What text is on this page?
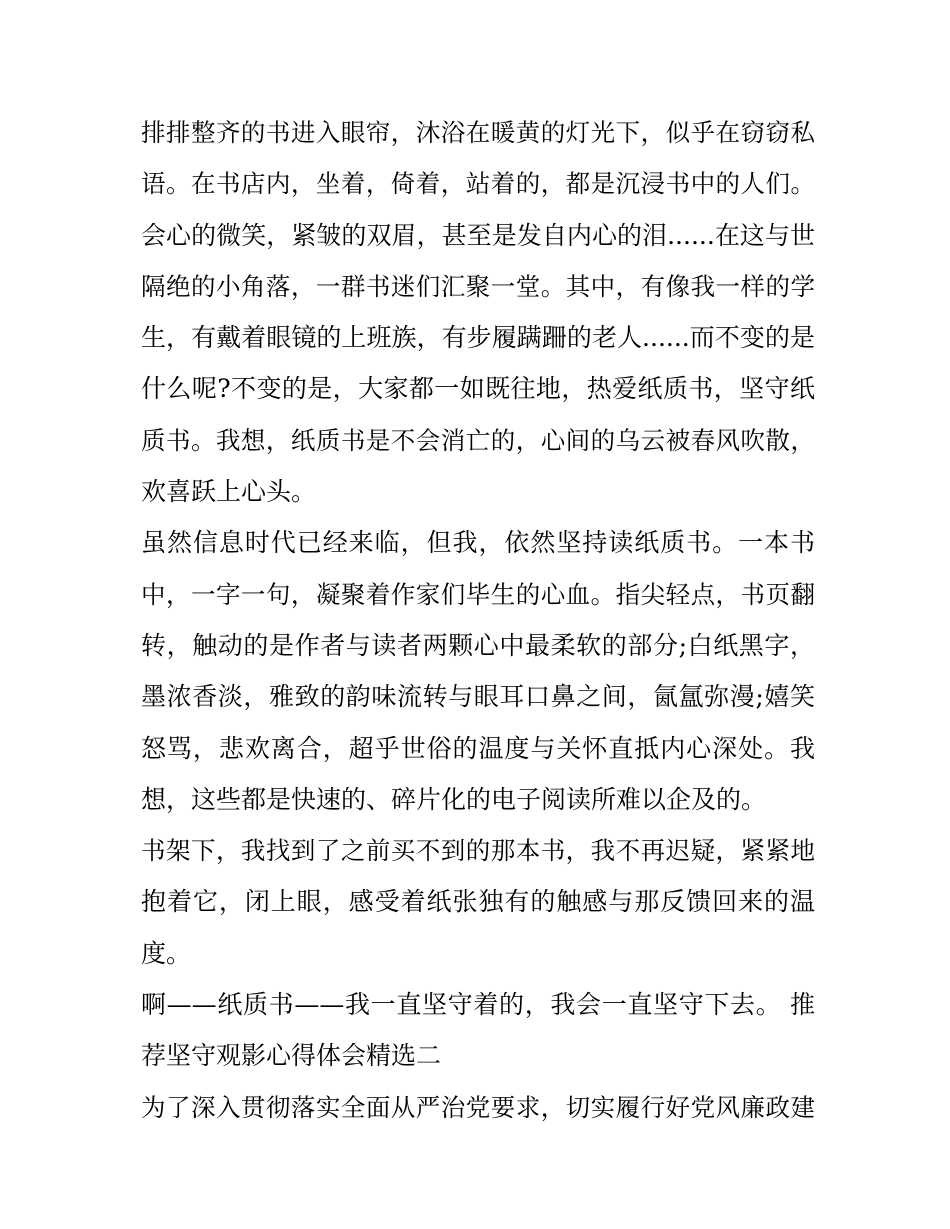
排排整齐的书进入眼帘，沐浴在暖黄的灯光下，似乎在窃窃私
语。在书店内，坐着，倚着，站着的，都是沉浸书中的人们。
会心的微笑，紧皱的双眉，甚至是发自内心的泪......在这与世
隔绝的小角落，一群书迷们汇聚一堂。其中，有像我一样的学
生，有戴着眼镜的上班族，有步履蹒跚的老人......而不变的是
什么呢?不变的是，大家都一如既往地，热爱纸质书，坚守纸
质书。我想，纸质书是不会消亡的，心间的乌云被春风吹散，
欢喜跃上心头。
虽然信息时代已经来临，但我，依然坚持读纸质书。一本书
中，一字一句，凝聚着作家们毕生的心血。指尖轻点，书页翻
转，触动的是作者与读者两颗心中最柔软的部分;白纸黑字，
墨浓香淡，雅致的韵味流转与眼耳口鼻之间，氤氲弥漫;嬉笑
怒骂，悲欢离合，超乎世俗的温度与关怀直抵内心深处。我
想，这些都是快速的、碎片化的电子阅读所难以企及的。
书架下，我找到了之前买不到的那本书，我不再迟疑，紧紧地
抱着它，闭上眼，感受着纸张独有的触感与那反馈回来的温
度。
啊——纸质书——我一直坚守着的，我会一直坚守下去。 推
荐坚守观影心得体会精选二
为了深入贯彻落实全面从严治党要求，切实履行好党风廉政建
